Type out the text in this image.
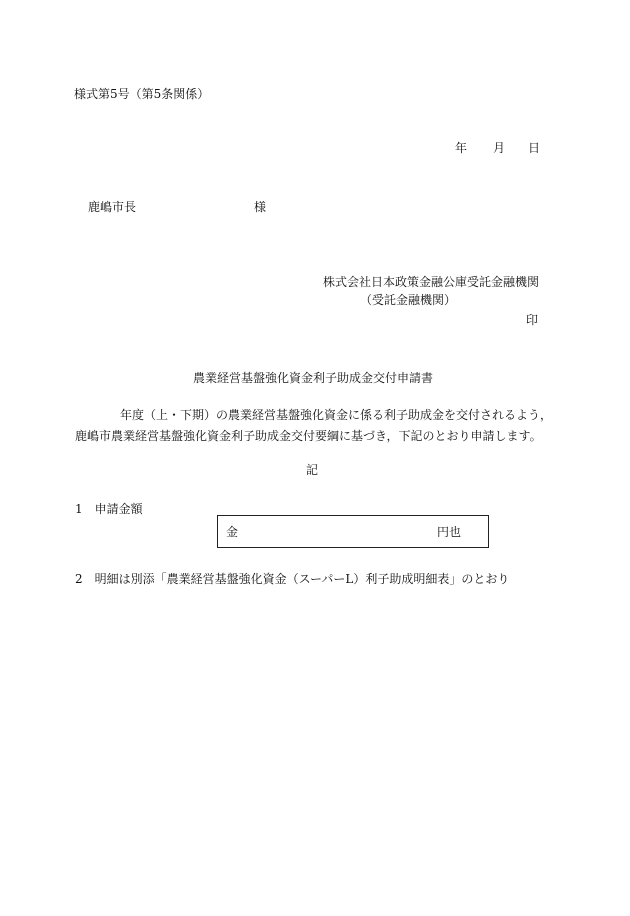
様式第5号（第5条関係）
年 月 日
鹿嶋市長	様
株式会社日本政策金融公庫受託金融機関
（受託金融機関）
印
農業経営基盤強化資金利子助成金交付申請書
年度（上・下期）の農業経営基盤強化資金に係る利子助成金を交付されるよう，
鹿嶋市農業経営基盤強化資金利子助成金交付要綱に基づき，下記のとおり申請します。
記
1　申請金額
金	円也
2　明細は別添「農業経営基盤強化資金（スーパーL）利子助成明細表」のとおり
